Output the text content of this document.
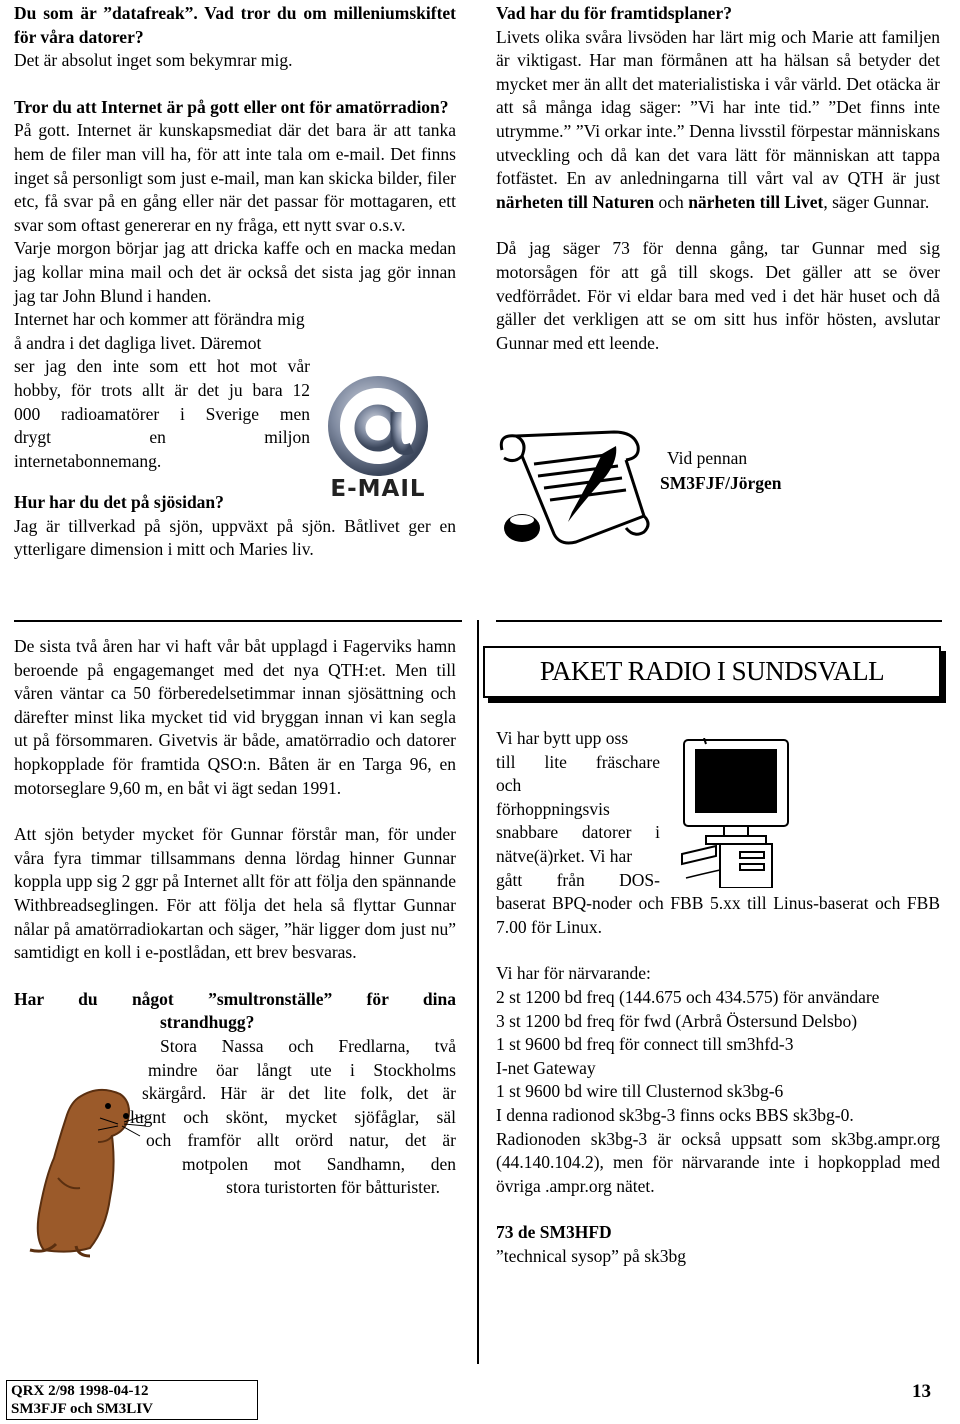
Du som är ”datafreak”. Vad tror du om milleniumskiftet för våra datorer?

Det är absolut inget som bekymrar mig.

Tror du att Internet är på gott eller ont för amatörradion?

På gott. Internet är kunskapsmediat där det bara är att tanka hem de filer man vill ha, för att inte tala om e-mail. Det finns inget så personligt som just e-mail, man kan skicka bilder, filer etc, få svar på en gång eller när det passar för mottagaren, ett svar som oftast genererar en ny fråga, ett nytt svar o.s.v.

Varje morgon börjar jag att dricka kaffe och en macka medan jag kollar mina mail och det är också det sista jag gör innan jag tar John Blund i handen.

Internet har och kommer att förändra mig

å andra i det dagliga livet. Däremot

ser jag den inte som ett hot mot vår

hobby, för trots allt är det ju bara 12

000 radioamatörer i Sverige men

drygt en miljon

internetabonnemang.

Hur har du det på sjösidan?

Jag är tillverkad på sjön, uppväxt på sjön. Båtlivet ger en ytterligare dimension i mitt och Maries liv.

E-MAIL

De sista två åren har vi haft vår båt upplagd i Fagerviks hamn beroende på engagemanget med det nya QTH:et. Men till våren väntar ca 50 förberedelsetimmar innan sjösättning och därefter minst lika mycket tid vid bryggan innan vi kan segla ut på försommaren. Givetvis är både, amatörradio och datorer hopkopplade för framtida QSO:n. Båten är en Targa 96, en motorseglare 9,60 m, en båt vi ägt sedan 1991.

Att sjön betyder mycket för Gunnar förstår man, för under våra fyra timmar tillsammans denna lördag hinner Gunnar koppla upp sig 2 ggr på Internet allt för att följa den spännande Withbreadseglingen. För att följa det hela så flyttar Gunnar nålar på amatörradiokartan och säger, ”här ligger dom just nu” samtidigt en koll i e-postlådan, ett brev besvaras.

Har du något ”smultronställe” för dina

strandhugg?

Stora Nassa och Fredlarna, två

mindre öar långt ute i Stockholms

skärgård. Här är det lite folk, det är

lugnt och skönt, mycket sjöfåglar, säl

och framför allt orörd natur, det är

motpolen mot Sandhamn, den

stora turistorten för båtturister.

Vad har du för framtidsplaner?

Livets olika svåra livsöden har lärt mig och Marie att familjen är viktigast. Har man förmånen att ha hälsan så betyder det mycket mer än allt det materialistiska i vår värld. Det otäcka är att så många idag säger: ”Vi har inte tid.” ”Det finns inte utrymme.” ”Vi orkar inte.” Denna livsstil förpestar människans utveckling och då kan det vara lätt för människan att tappa fotfästet. En av anledningarna till vårt val av QTH är just närheten till Naturen och närheten till Livet, säger Gunnar.

Då jag säger 73 för denna gång, tar Gunnar med sig motorsågen för att gå till skogs. Det gäller att se över vedförrådet. För vi eldar bara med ved i det här huset och då gäller det verkligen att se om sitt hus inför hösten, avslutar Gunnar med ett leende.

Vid pennan
SM3FJF/Jörgen
PAKET RADIO I SUNDSVALL

Vi har bytt upp oss

till lite fräschare

och

förhoppningsvis

snabbare datorer i

nätve(ä)rket. Vi har

gått från DOS-

baserat BPQ-noder och FBB 5.xx till Linus-baserat och FBB 7.00 för Linux.

Vi har för närvarande:

2 st 1200 bd freq (144.675 och 434.575) för användare

3 st 1200 bd freq för fwd (Arbrå Östersund Delsbo)

1 st 9600 bd freq för connect till sm3hfd-3

I-net Gateway

1 st 9600 bd wire till Clusternod sk3bg-6

I denna radionod sk3bg-3 finns ocks BBS sk3bg-0.

Radionoden sk3bg-3 är också uppsatt som sk3bg.ampr.org (44.140.104.2), men för närvarande inte i hopkopplad med övriga .ampr.org nätet.

73 de SM3HFD

”technical sysop” på sk3bg

QRX 2/98 1998-04-12
SM3FJF och SM3LIV
13
